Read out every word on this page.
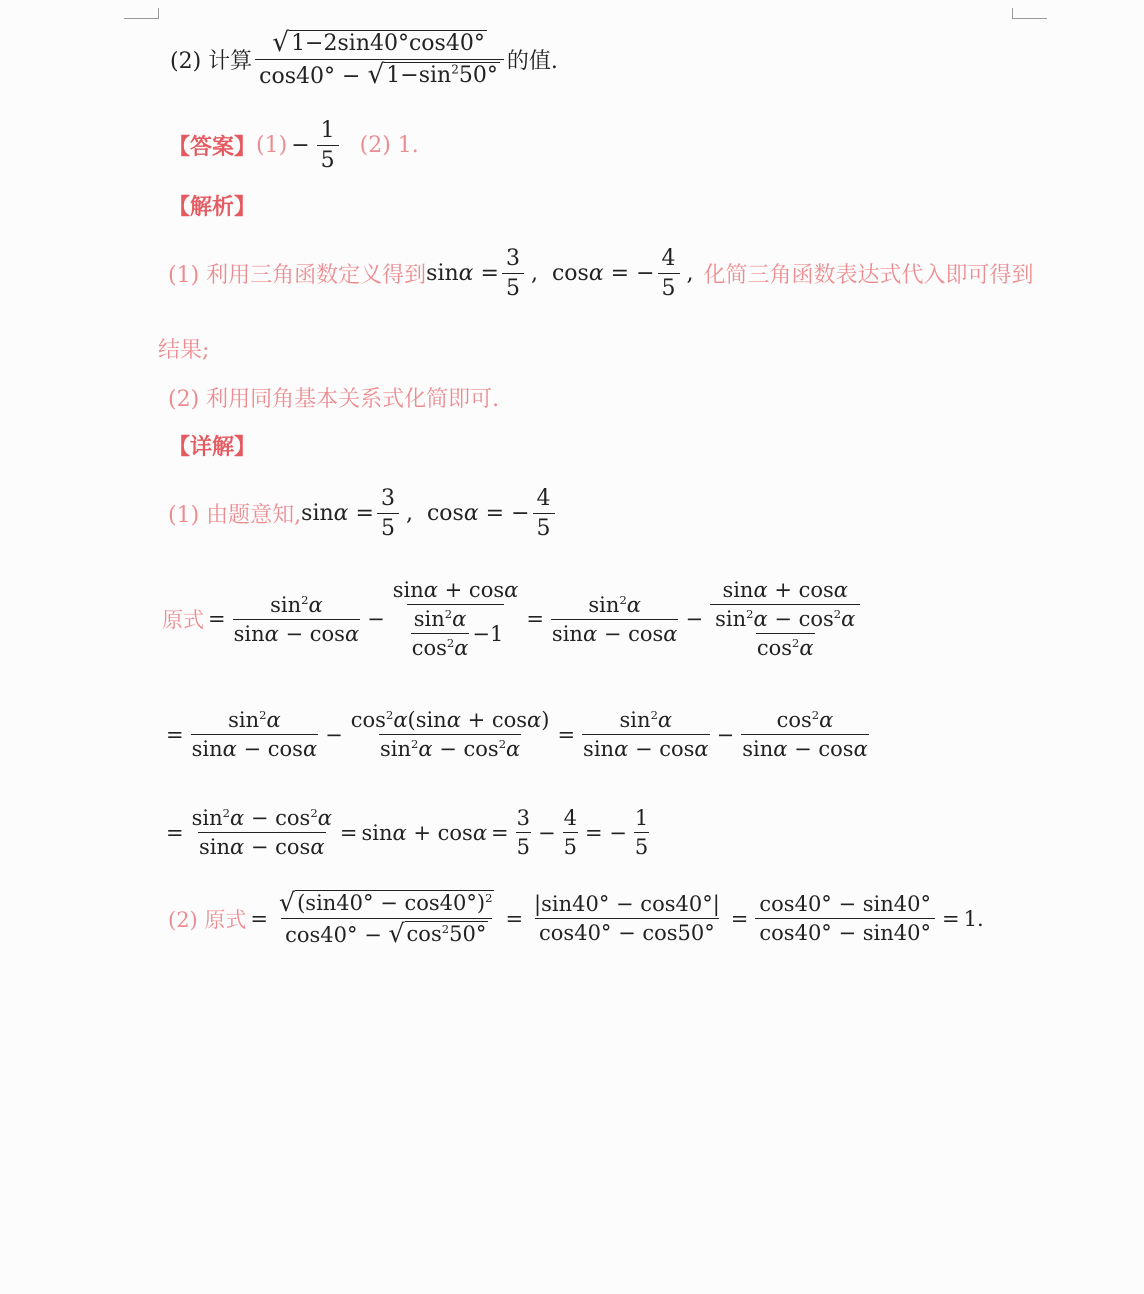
(2) 计算 $\frac{√ 1-2\sin 40^\circ\cos 40^\circ}{\cos 40^\circ - √ 1-\sin^250^\circ}$ 的值.
【答案】 $(1) - \frac{1}{5} (2)$ 1.
【解析】
(1) 利用三角函数定义得到 $\sin\alpha = \frac{3}{5}$ , cosα = − $\frac{4}{5}$ , 化简三角函数表达式代入即可得到
结果;
(2) 利用同角基本关系式化简即可.
【详解】
(1) 由题意知, $\sin\alpha = \frac{3}{5}$ , cosα = − $\frac{4}{5}$
原式 = $\frac{\sin^2\alpha}{\sin\alpha - \cos\alpha} - \frac{\sin\alpha + \cos\alpha}{\frac{\sin^2\alpha}{\cos^2\alpha} -1} = \frac{\sin^2\alpha}{\sin\alpha - \cos\alpha} - \frac{\sin\alpha + \cos\alpha}{\frac{\sin^2\alpha - \cos^2\alpha}{\cos^2\alpha}}$
= $\frac{\sin^2\alpha}{\sin\alpha - \cos\alpha} - \frac{\cos^2\alpha(\sin\alpha + \cos\alpha)}{\sin^2\alpha - \cos^2\alpha} = \frac{\sin^2\alpha}{\sin\alpha - \cos\alpha} - \frac{\cos^2\alpha}{\sin\alpha - \cos\alpha}$
= $\frac{\sin^2\alpha - \cos^2\alpha}{\sin\alpha - \cos\alpha} = \sin\alpha + \cos\alpha = \frac{3}{5} - \frac{4}{5}$ = − $\frac{1}{5}$
(2) 原式 = $\frac{√ (\sin 40^\circ - \cos 40^\circ)^2}{\cos 40^\circ - √ \cos^250^\circ} = \frac{|\sin 40^\circ - \cos 40^\circ|}{\cos 40^\circ - \cos 50^\circ} = \frac{\cos 40^\circ - \sin 40^\circ}{\cos 40^\circ - \sin 40^\circ} = 1$ .
